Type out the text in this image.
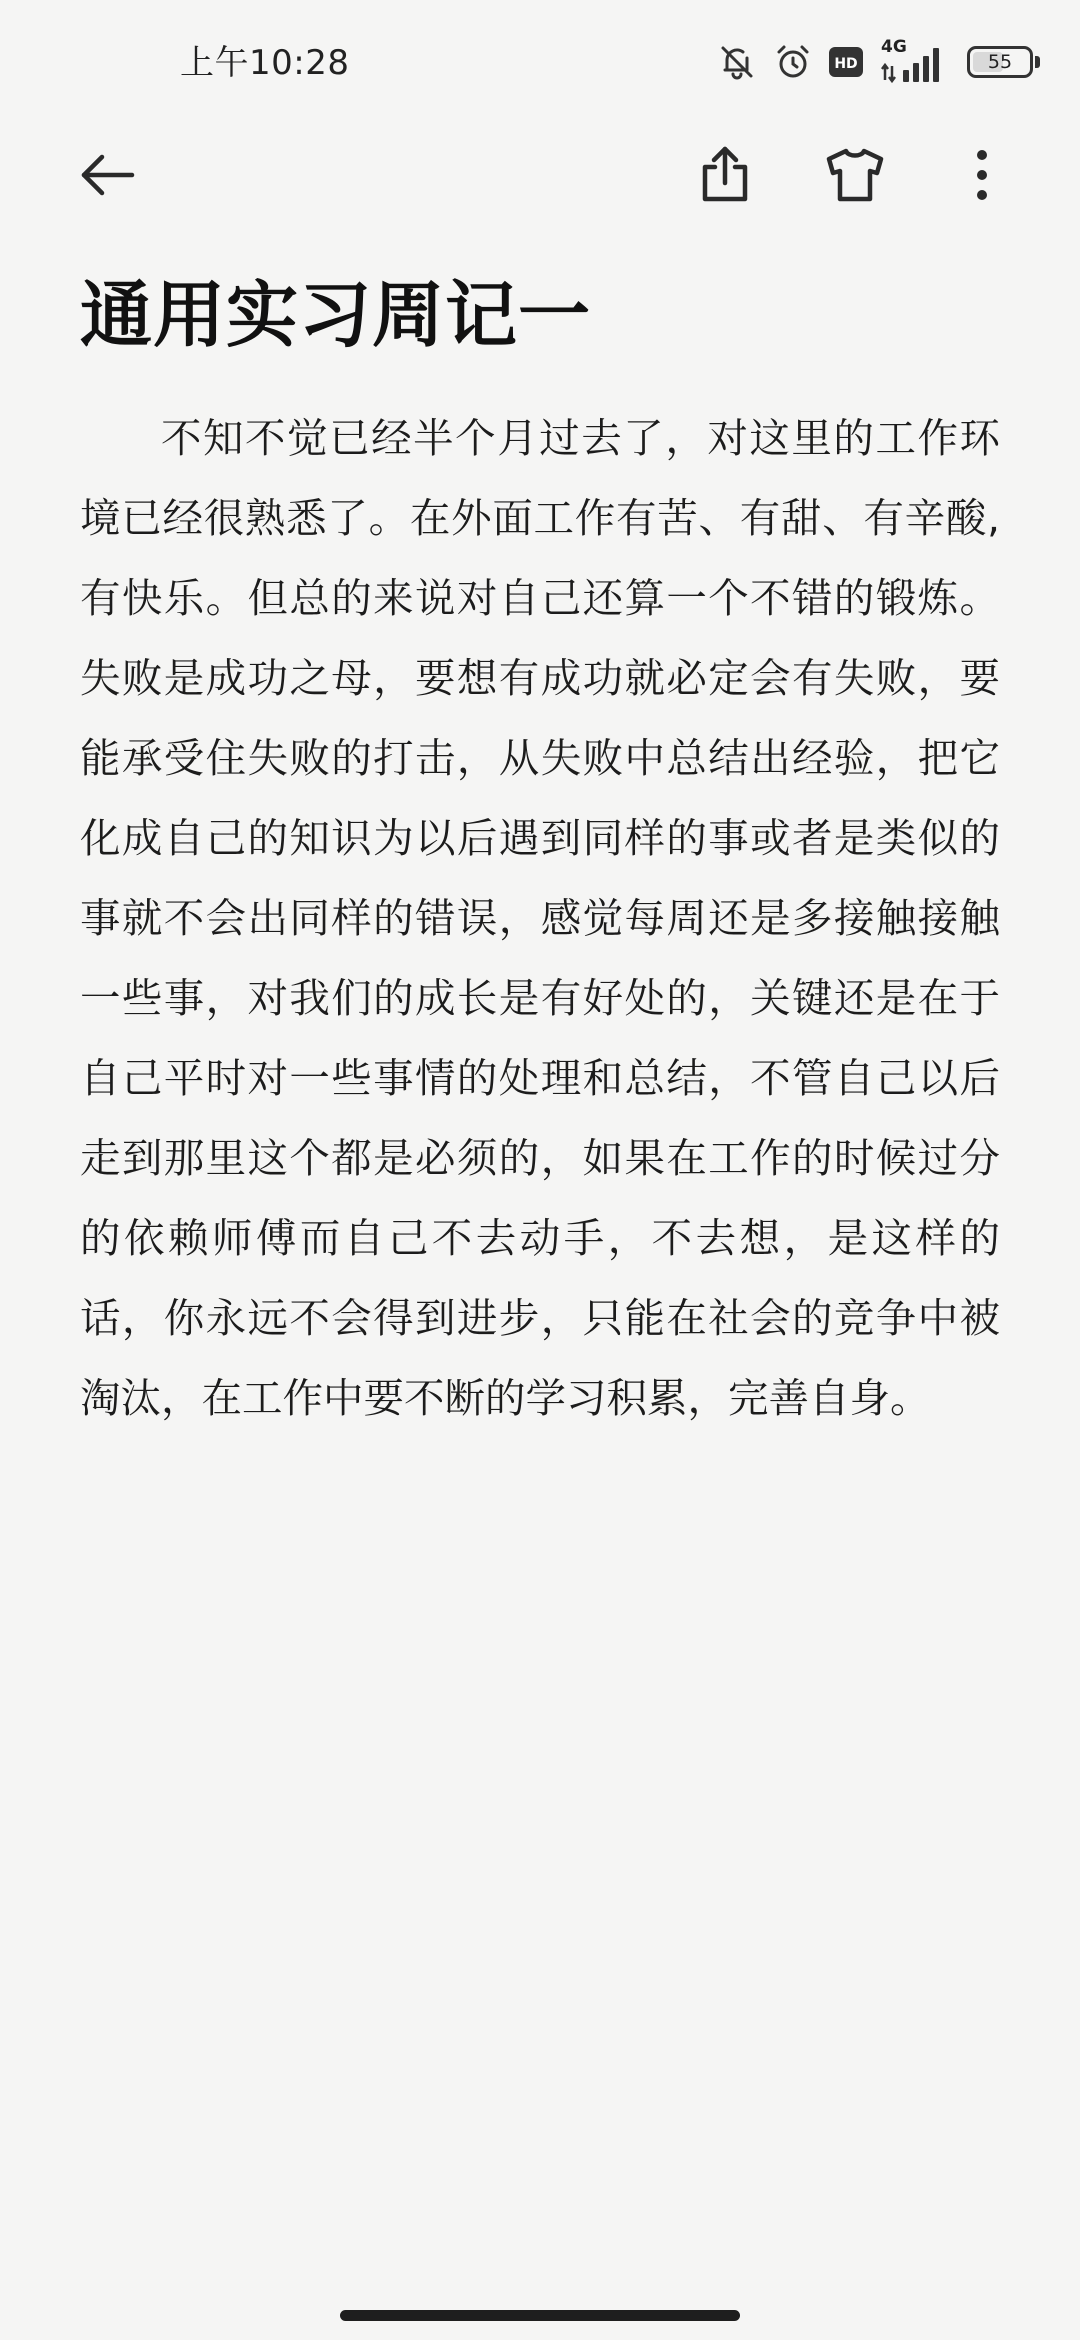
上午10:28	HD
4G
55
通用实习周记一

不知不觉已经半个月过去了，对这里的工作环境已经很熟悉了。在外面工作有苦、有甜、有辛酸,有快乐。但总的来说对自己还算一个不错的锻炼。失败是成功之母，要想有成功就必定会有失败，要能承受住失败的打击，从失败中总结出经验，把它化成自己的知识为以后遇到同样的事或者是类似的事就不会出同样的错误，感觉每周还是多接触接触一些事，对我们的成长是有好处的，关键还是在于自己平时对一些事情的处理和总结，不管自己以后走到那里这个都是必须的，如果在工作的时候过分的依赖师傅而自己不去动手，不去想，是这样的话，你永远不会得到进步，只能在社会的竞争中被淘汰，在工作中要不断的学习积累，完善自身。
